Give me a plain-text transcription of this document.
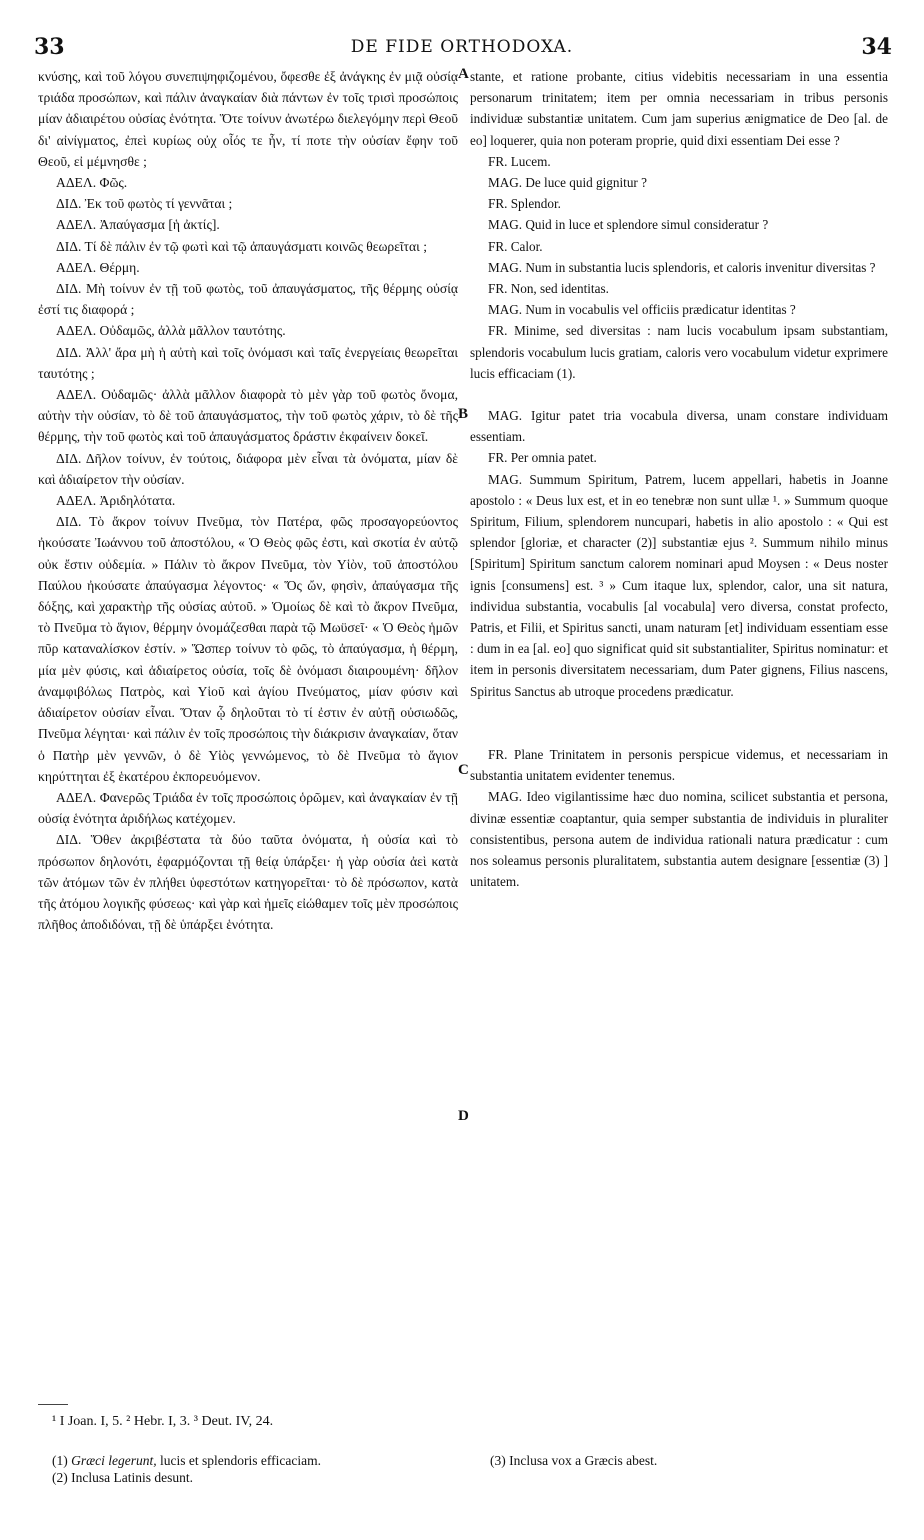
33	DE FIDE ORTHODOXA.	34
A
B
C
D

κνύσης, καὶ τοῦ λόγου συνεπιψηφιζομένου, ὄφεσθε ἐξ ἀνάγκης ἐν μιᾷ οὐσίᾳ τριάδα προσώπων, καὶ πάλιν ἀναγκαίαν διὰ πάντων ἐν τοῖς τρισὶ προσώποις μίαν ἀδιαιρέτου οὐσίας ἑνότητα. Ὅτε τοίνυν ἀνωτέρω διελεγόμην περὶ Θεοῦ δι' αἰνίγματος, ἐπεὶ κυρίως οὐχ οἷός τε ἦν, τί ποτε τὴν οὐσίαν ἔφην τοῦ Θεοῦ, εἰ μέμνησθε ;

ΑΔΕΛ. Φῶς.

ΔΙΔ. Ἐκ τοῦ φωτὸς τί γεννᾶται ;

ΑΔΕΛ. Ἀπαύγασμα [ἡ ἀκτίς].

ΔΙΔ. Τί δὲ πάλιν ἐν τῷ φωτὶ καὶ τῷ ἀπαυγάσματι κοινῶς θεωρεῖται ;

ΑΔΕΛ. Θέρμη.

ΔΙΔ. Μὴ τοίνυν ἐν τῇ τοῦ φωτὸς, τοῦ ἀπαυγάσματος, τῆς θέρμης οὐσίᾳ ἐστί τις διαφορά ;

ΑΔΕΛ. Οὐδαμῶς, ἀλλὰ μᾶλλον ταυτότης.

ΔΙΔ. Ἀλλ' ἄρα μὴ ἡ αὐτὴ καὶ τοῖς ὀνόμασι καὶ ταῖς ἐνεργείαις θεωρεῖται ταυτότης ;

ΑΔΕΛ. Οὐδαμῶς· ἀλλὰ μᾶλλον διαφορὰ τὸ μὲν γὰρ τοῦ φωτὸς ὄνομα, αὐτὴν τὴν οὐσίαν, τὸ δὲ τοῦ ἀπαυγάσματος, τὴν τοῦ φωτὸς χάριν, τὸ δὲ τῆς θέρμης, τὴν τοῦ φωτὸς καὶ τοῦ ἀπαυγάσματος δράστιν ἐκφαίνειν δοκεῖ.

ΔΙΔ. Δῆλον τοίνυν, ἐν τούτοις, διάφορα μὲν εἶναι τὰ ὀνόματα, μίαν δὲ καὶ ἀδιαίρετον τὴν οὐσίαν.

ΑΔΕΛ. Ἀριδηλότατα.

ΔΙΔ. Τὸ ἄκρον τοίνυν Πνεῦμα, τὸν Πατέρα, φῶς προσαγορεύοντος ἠκούσατε Ἰωάννου τοῦ ἀποστόλου, « Ὁ Θεὸς φῶς ἐστι, καὶ σκοτία ἐν αὐτῷ οὐκ ἔστιν οὐδεμία. » Πάλιν τὸ ἄκρον Πνεῦμα, τὸν Υἱὸν, τοῦ ἀποστόλου Παύλου ἠκούσατε ἀπαύγασμα λέγοντος· « Ὅς ὤν, φησὶν, ἀπαύγασμα τῆς δόξης, καὶ χαρακτὴρ τῆς οὐσίας αὐτοῦ. » Ὁμοίως δὲ καὶ τὸ ἄκρον Πνεῦμα, τὸ Πνεῦμα τὸ ἅγιον, θέρμην ὀνομάζεσθαι παρὰ τῷ Μωϋσεῖ· « Ὁ Θεὸς ἡμῶν πῦρ καταναλίσκον ἐστίν. » Ὥσπερ τοίνυν τὸ φῶς, τὸ ἀπαύγασμα, ἡ θέρμη, μία μὲν φύσις, καὶ ἀδιαίρετος οὐσία, τοῖς δὲ ὀνόμασι διαιρουμένη· δῆλον ἀναμφιβόλως Πατρὸς, καὶ Υἱοῦ καὶ ἁγίου Πνεύματος, μίαν φύσιν καὶ ἀδιαίρετον οὐσίαν εἶναι. Ὅταν ᾧ δηλοῦται τὸ τί ἐστιν ἐν αὐτῇ οὐσιωδῶς, Πνεῦμα λέγηται· καὶ πάλιν ἐν τοῖς προσώποις τὴν διάκρισιν ἀναγκαίαν, ὅταν ὁ Πατὴρ μὲν γεννῶν, ὁ δὲ Υἱὸς γεννώμενος, τὸ δὲ Πνεῦμα τὸ ἅγιον κηρύττηται ἐξ ἑκατέρου ἐκπορευόμενον.

ΑΔΕΛ. Φανερῶς Τριάδα ἐν τοῖς προσώποις ὁρῶμεν, καὶ ἀναγκαίαν ἐν τῇ οὐσίᾳ ἑνότητα ἀριδήλως κατέχομεν.

ΔΙΔ. Ὅθεν ἀκριβέστατα τὰ δύο ταῦτα ὀνόματα, ἡ οὐσία καὶ τὸ πρόσωπον δηλονότι, ἐφαρμόζονται τῇ θείᾳ ὑπάρξει· ἡ γὰρ οὐσία ἀεὶ κατὰ τῶν ἀτόμων τῶν ἐν πλήθει ὑφεστότων κατηγορεῖται· τὸ δὲ πρόσωπον, κατὰ τῆς ἀτόμου λογικῆς φύσεως· καὶ γὰρ καὶ ἡμεῖς εἰώθαμεν τοῖς μὲν προσώποις πλῆθος ἀποδιδόναι, τῇ δὲ ὑπάρξει ἑνότητα.

stante, et ratione probante, citius videbitis necessariam in una essentia personarum trinitatem; item per omnia necessariam in tribus personis individuæ substantiæ unitatem. Cum jam superius ænigmatice de Deo [al. de eo] loquerer, quia non poteram proprie, quid dixi essentiam Dei esse ?

FR. Lucem.

MAG. De luce quid gignitur ?

FR. Splendor.

MAG. Quid in luce et splendore simul consideratur ?

FR. Calor.

MAG. Num in substantia lucis splendoris, et caloris invenitur diversitas ?

FR. Non, sed identitas.

MAG. Num in vocabulis vel officiis prædicatur identitas ?

FR. Minime, sed diversitas : nam lucis vocabulum ipsam substantiam, splendoris vocabulum lucis gratiam, caloris vero vocabulum videtur exprimere lucis efficaciam (1).

MAG. Igitur patet tria vocabula diversa, unam constare individuam essentiam.

FR. Per omnia patet.

MAG. Summum Spiritum, Patrem, lucem appellari, habetis in Joanne apostolo : « Deus lux est, et in eo tenebræ non sunt ullæ ¹. » Summum quoque Spiritum, Filium, splendorem nuncupari, habetis in alio apostolo : « Qui est splendor [gloriæ, et character (2)] substantiæ ejus ². Summum nihilo minus [Spiritum] Spiritum sanctum calorem nominari apud Moysen : « Deus noster ignis [consumens] est. ³ » Cum itaque lux, splendor, calor, una sit natura, individua substantia, vocabulis [al vocabula] vero diversa, constat profecto, Patris, et Filii, et Spiritus sancti, unam naturam [et] individuam essentiam esse : dum in ea [al. eo] quo significat quid sit substantialiter, Spiritus nominatur: et item in personis diversitatem necessariam, dum Pater gignens, Filius nascens, Spiritus Sanctus ab utroque procedens prædicatur.

FR. Plane Trinitatem in personis perspicue videmus, et necessariam in substantia unitatem evidenter tenemus.

MAG. Ideo vigilantissime hæc duo nomina, scilicet substantia et persona, divinæ essentiæ coaptantur, quia semper substantia de individuis in pluraliter consistentibus, persona autem de individua rationali natura prædicatur : cum nos soleamus personis pluralitatem, substantia autem designare [essentiæ (3) ] unitatem.

¹ I Joan. I, 5. ² Hebr. I, 3. ³ Deut. IV, 24.
(1) Græci legerunt, lucis et splendoris efficaciam.
(2) Inclusa Latinis desunt.
(3) Inclusa vox a Græcis abest.
